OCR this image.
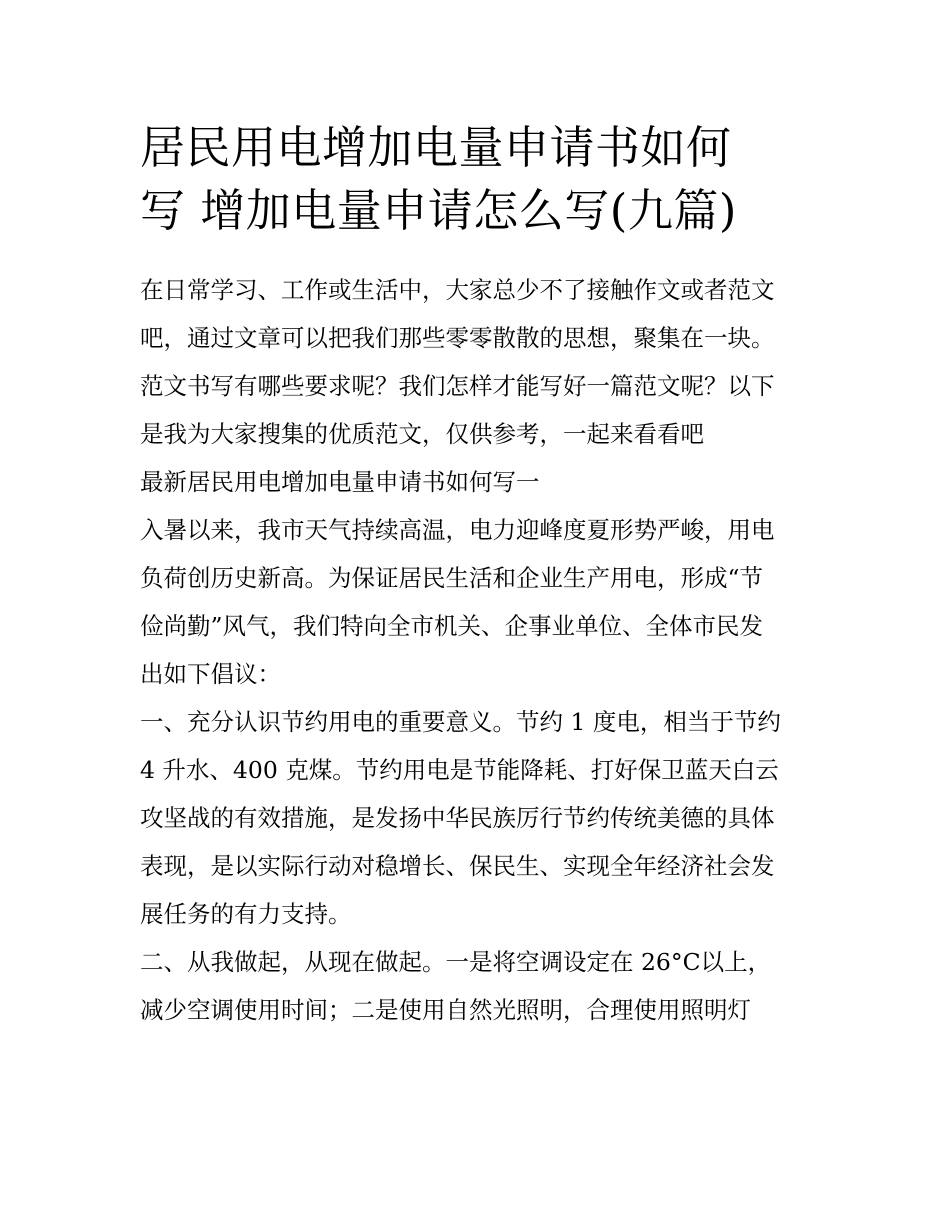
居民用电增加电量申请书如何
写 增加电量申请怎么写(九篇)
在日常学习、工作或生活中，大家总少不了接触作文或者范文
吧，通过文章可以把我们那些零零散散的思想，聚集在一块。
范文书写有哪些要求呢？我们怎样才能写好一篇范文呢？以下
是我为大家搜集的优质范文，仅供参考，一起来看看吧
最新居民用电增加电量申请书如何写一
入暑以来，我市天气持续高温，电力迎峰度夏形势严峻，用电
负荷创历史新高。为保证居民生活和企业生产用电，形成“节
俭尚勤”风气，我们特向全市机关、企事业单位、全体市民发
出如下倡议：
一、充分认识节约用电的重要意义。节约 1 度电，相当于节约
4 升水、400 克煤。节约用电是节能降耗、打好保卫蓝天白云
攻坚战的有效措施，是发扬中华民族厉行节约传统美德的具体
表现，是以实际行动对稳增长、保民生、实现全年经济社会发
展任务的有力支持。
二、从我做起，从现在做起。一是将空调设定在 26°C以上，
减少空调使用时间；二是使用自然光照明，合理使用照明灯
